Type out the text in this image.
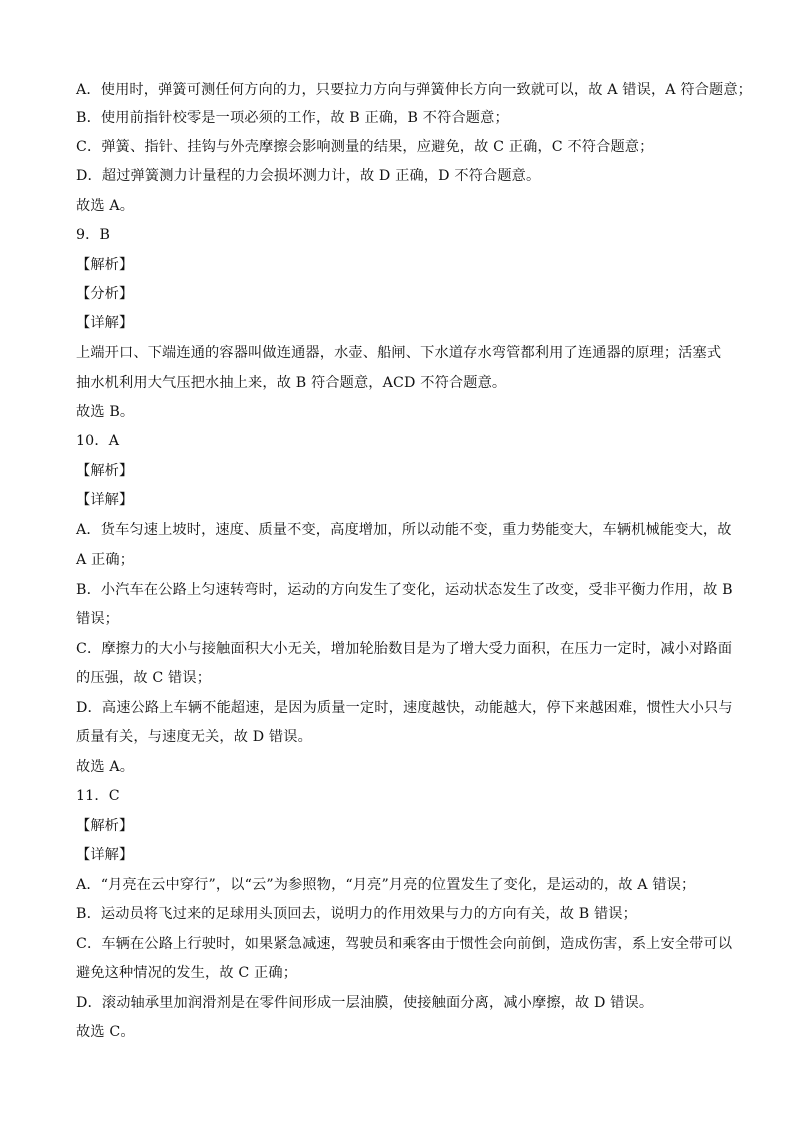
A．使用时，弹簧可测任何方向的力，只要拉力方向与弹簧伸长方向一致就可以，故 A 错误，A 符合题意；
B．使用前指针校零是一项必须的工作，故 B 正确，B 不符合题意；
C．弹簧、指针、挂钩与外壳摩擦会影响测量的结果，应避免，故 C 正确，C 不符合题意；
D．超过弹簧测力计量程的力会损坏测力计，故 D 正确，D 不符合题意。
故选 A。
9．B
【解析】
【分析】
【详解】
上端开口、下端连通的容器叫做连通器，水壶、船闸、下水道存水弯管都利用了连通器的原理；活塞式
抽水机利用大气压把水抽上来，故 B 符合题意，ACD 不符合题意。
故选 B。
10．A
【解析】
【详解】
A．货车匀速上坡时，速度、质量不变，高度增加，所以动能不变，重力势能变大，车辆机械能变大，故
A 正确；
B．小汽车在公路上匀速转弯时，运动的方向发生了变化，运动状态发生了改变，受非平衡力作用，故 B
错误；
C．摩擦力的大小与接触面积大小无关，增加轮胎数目是为了增大受力面积，在压力一定时，减小对路面
的压强，故 C 错误；
D．高速公路上车辆不能超速，是因为质量一定时，速度越快，动能越大，停下来越困难，惯性大小只与
质量有关，与速度无关，故 D 错误。
故选 A。
11．C
【解析】
【详解】
A．“月亮在云中穿行”，以“云”为参照物，“月亮”月亮的位置发生了变化，是运动的，故 A 错误；
B．运动员将飞过来的足球用头顶回去，说明力的作用效果与力的方向有关，故 B 错误；
C．车辆在公路上行驶时，如果紧急减速，驾驶员和乘客由于惯性会向前倒，造成伤害，系上安全带可以
避免这种情况的发生，故 C 正确；
D．滚动轴承里加润滑剂是在零件间形成一层油膜，使接触面分离，减小摩擦，故 D 错误。
故选 C。
